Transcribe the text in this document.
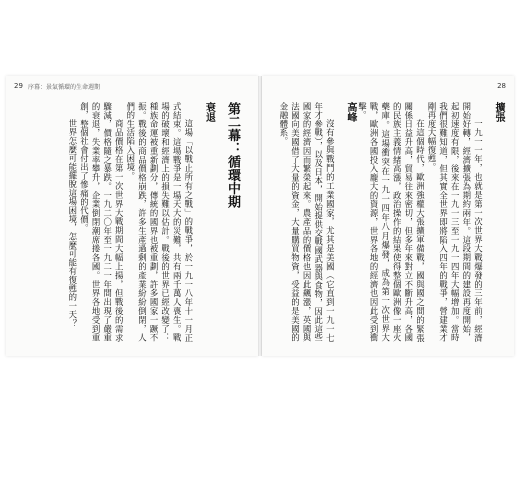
29 序幕：景氣循環的生命週期
第二幕：循環中期
衰退

這場「以戰止所有之戰」的戰爭，於一九一八年十一月正式結束。這場戰爭是一場天大的災難，共有兩千萬人喪生。戰場的破壞和經濟上的損失難以估計。戰後的世界已經改變了：種族命運被重新劃分，傳統的國界也被重劃，許多國家一蹶不振。戰後的商品價格崩跌，許多生產過剩的產業紛紛倒閉，人們的生活陷入困境。

商品價格在第一次世界大戰期間大幅上揚，但戰後的需求驟減，價格隨之暴跌。一九二〇年至一九二一年間出現了嚴重的衰退，失業率攀升，企業倒閉潮席捲各國。世界各地受到重創，整個社會付出了慘痛的代價。

世界怎麼可能擺脫這場困境，怎麼可能有復甦的一天？

28
擴張

一九一一年，也就是第一次世界大戰爆發的三年前，經濟開始好轉，經濟擴張為期約兩年。這段期間的建設再度開始，起初速度有限，後來在一九一三至一九一四年大幅增加。當時我們很難知道，但其實全世界即將陷入四年的戰爭，營建業才剛再度大幅復甦。

在這個時代，歐洲強權大張擴軍備戰，國與國之間的緊張關係日益升高，貿易往來密切，但多年來對立不斷升高，各國的民族主義情緒高漲，政治操作的結果使得整個歐洲像一座火藥庫。這場衝突在一九一四年八月爆發，成為第一次世界大戰，歐洲各國投入龐大的資源，世界各地的經濟也因此受到衝擊。

高峰

沒有參與戰鬥的工業國家，尤其是美國（它直到一九一七年才參戰），以及日本，開始提供交戰國武器與食物，因此這些國家的經濟因而繁榮起來。農產品的價格也因此飆漲，英國與法國向美國借了大量的資金，大量購買物資，受益的是美國的金融體系。
